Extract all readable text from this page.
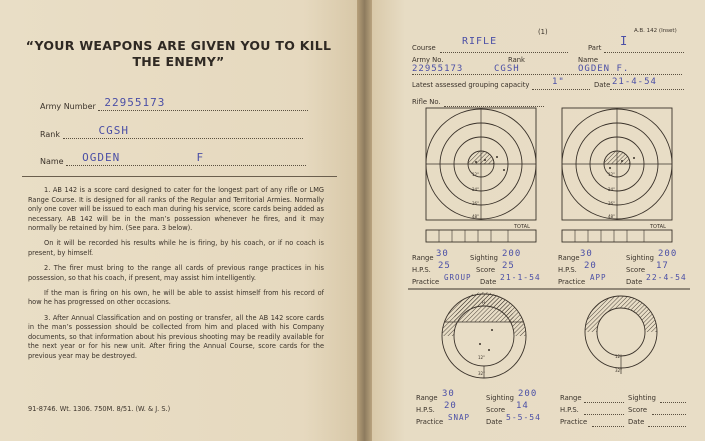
“YOUR WEAPONS ARE GIVEN YOU TO KILL
THE ENEMY”
Army Number 22955173
Rank	CGSH
Name OGDEN          F

1. AB 142 is a score card designed to cater for the longest part of any rifle or LMG Range Course. It is designed for all ranks of the Regular and Territorial Armies. Normally only one cover will be issued to each man during his service, score cards being added as necessary. AB 142 will be in the man’s possession whenever he fires, and it may normally be retained by him. (See para. 3 below).

On it will be recorded his results while he is firing, by his coach, or if no coach is present, by himself.

2. The firer must bring to the range all cards of previous range practices in his possession, so that his coach, if present, may assist him intelligently.

If the man is firing on his own, he will be able to assist himself from his record of how he has progressed on other occasions.

3. After Annual Classification and on posting or transfer, all the AB 142 score cards in the man’s possession should be collected from him and placed with his Company documents, so that information about his previous shooting may be readily available for the next year or for his new unit. After firing the Annual Course, score cards for the previous year may be destroyed.

91-8746. Wt. 1306. 750M. 8/51. (W. & J. S.)
(1)	A.B. 142 (Inset)
Course
RIFLE
Part I
Army No.	Rank	Name
22955173	CGSH	OGDEN F.
Latest assessed grouping capacity	1"	Date 21-4-54
Rifle No.
12"
24"
36"
48"
TOTAL
12"
24"
36"
48"
TOTAL
12"
32"
H
12"
32"
Range 30	Sighting 200
H.P.S. 25	Score 25
Practice GROUP Date 21-1-54
Range 30	Sighting 200
H.P.S. 20	Score 17
Practice APP	Date 22-4-54
Range 30	Sighting 200
H.P.S. 20	Score 14
Practice SNAP Date 5-5-54
Range	Sighting
H.P.S.	Score
Practice	Date
